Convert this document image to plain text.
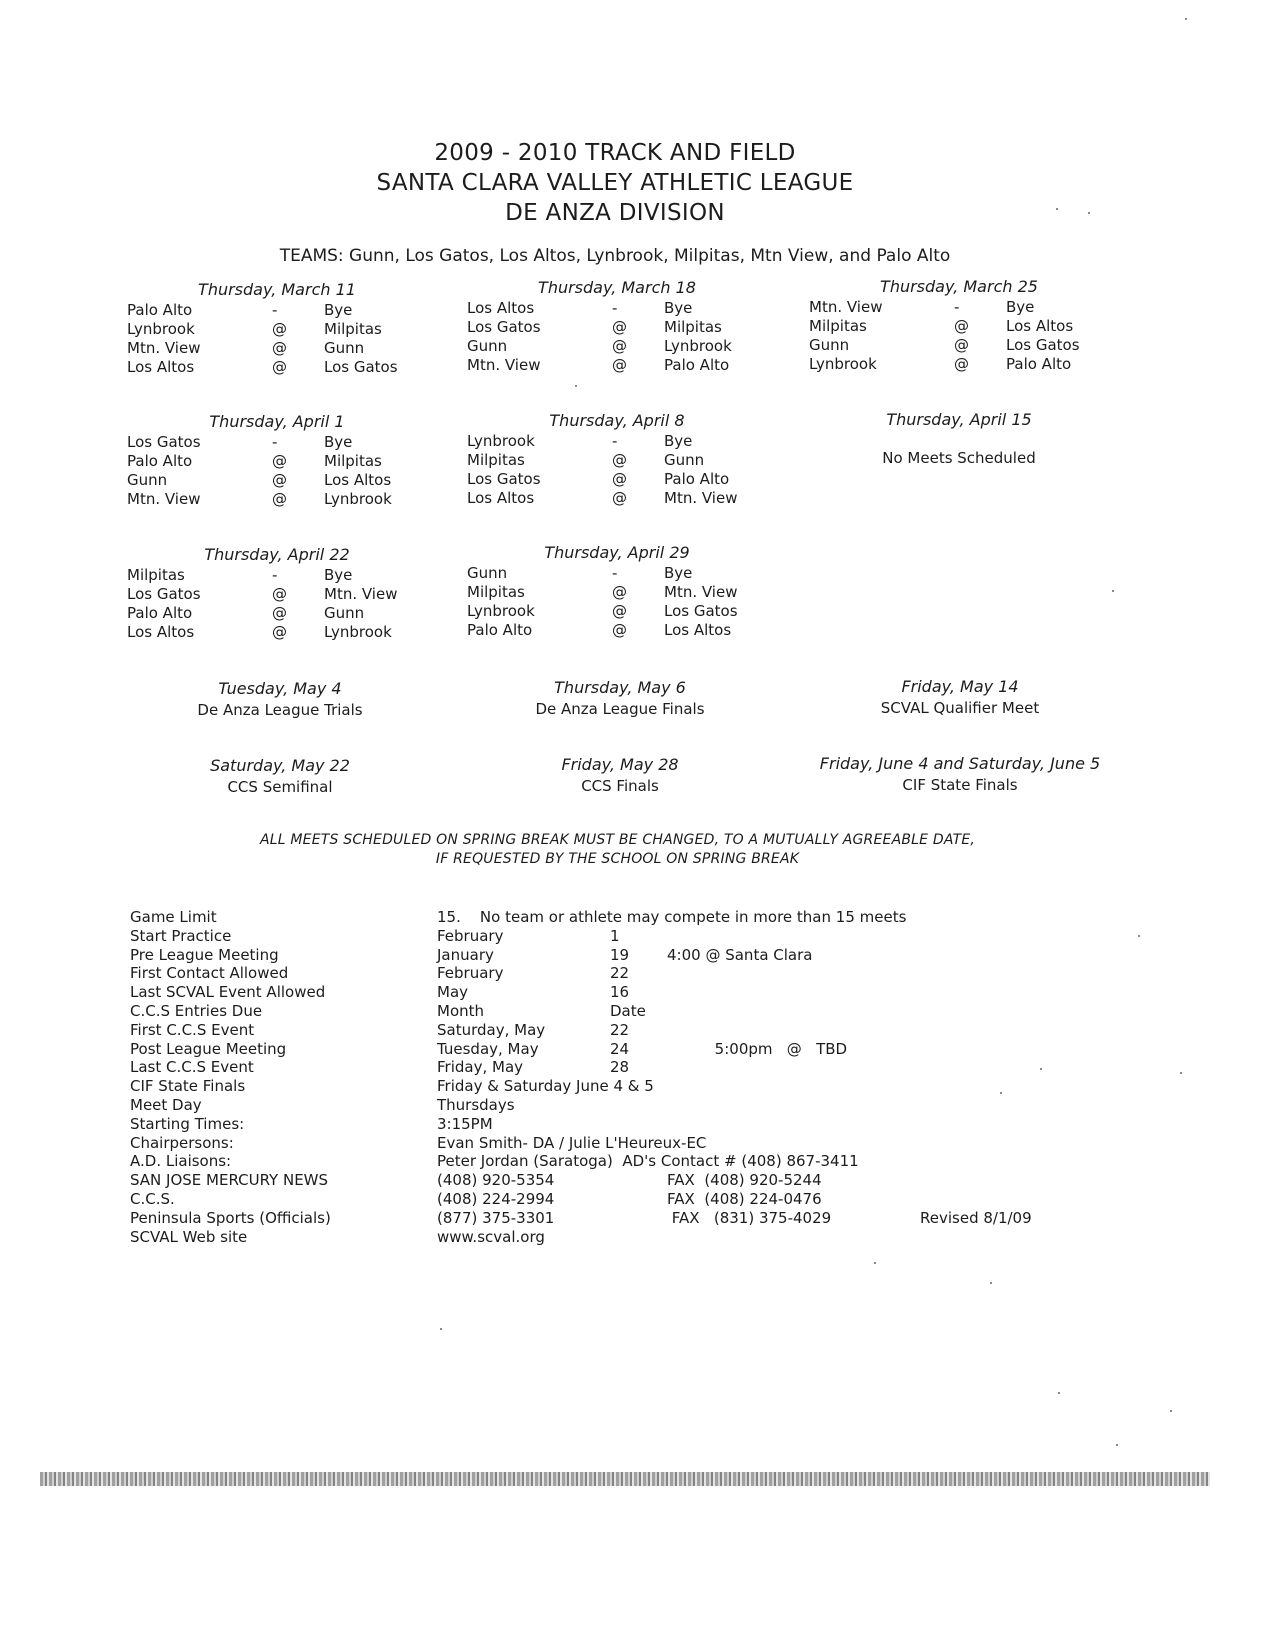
2009 - 2010 TRACK AND FIELD
SANTA CLARA VALLEY ATHLETIC LEAGUE
DE ANZA DIVISION
TEAMS: Gunn, Los Gatos, Los Altos, Lynbrook, Milpitas, Mtn View, and Palo Alto
Thursday, March 11
Palo Alto	-	Bye
Lynbrook	@ Milpitas
Mtn. View	@ Gunn
Los Altos	@ Los Gatos
Thursday, March 18
Los Altos	-	Bye
Los Gatos	@ Milpitas
Gunn	@ Lynbrook
Mtn. View	@ Palo Alto
Thursday, March 25
Mtn. View	-	Bye
Milpitas	@ Los Altos
Gunn	@ Los Gatos
Lynbrook	@ Palo Alto
Thursday, April 1
Los Gatos	-	Bye
Palo Alto	@ Milpitas
Gunn	@ Los Altos
Mtn. View	@ Lynbrook
Thursday, April 8
Lynbrook	-	Bye
Milpitas	@ Gunn
Los Gatos	@ Palo Alto
Los Altos	@ Mtn. View
Thursday, April 15
No Meets Scheduled
Thursday, April 22
Milpitas	-	Bye
Los Gatos	@ Mtn. View
Palo Alto	@ Gunn
Los Altos	@ Lynbrook
Thursday, April 29
Gunn	-	Bye
Milpitas	@ Mtn. View
Lynbrook	@ Los Gatos
Palo Alto	@ Los Altos
Tuesday, May 4
De Anza League Trials
Thursday, May 6
De Anza League Finals
Friday, May 14
SCVAL Qualifier Meet
Saturday, May 22
CCS Semifinal
Friday, May 28
CCS Finals
Friday, June 4 and Saturday, June 5
CIF State Finals
ALL MEETS SCHEDULED ON SPRING BREAK MUST BE CHANGED, TO A MUTUALLY AGREEABLE DATE,
IF REQUESTED BY THE SCHOOL ON SPRING BREAK
Game Limit	15.    No team or athlete may compete in more than 15 meets
Start Practice	February	1
Pre League Meeting	January	19	4:00 @ Santa Clara
First Contact Allowed	February	22
Last SCVAL Event Allowed	May	16
C.C.S Entries Due	Month	Date
First C.C.S Event	Saturday, May	22
Post League Meeting	Tuesday, May	24	5:00pm   @   TBD
Last C.C.S Event	Friday, May	28
CIF State Finals	Friday & Saturday June 4 & 5
Meet Day	Thursdays
Starting Times:	3:15PM
Chairpersons:	Evan Smith- DA / Julie L'Heureux-EC
A.D. Liaisons:	Peter Jordan (Saratoga)  AD's Contact # (408) 867-3411
SAN JOSE MERCURY NEWS	(408) 920-5354	FAX  (408) 920-5244
C.C.S.	(408) 224-2994	FAX  (408) 224-0476
Peninsula Sports (Officials)	(877) 375-3301	FAX   (831) 375-4029	Revised 8/1/09
SCVAL Web site	www.scval.org
